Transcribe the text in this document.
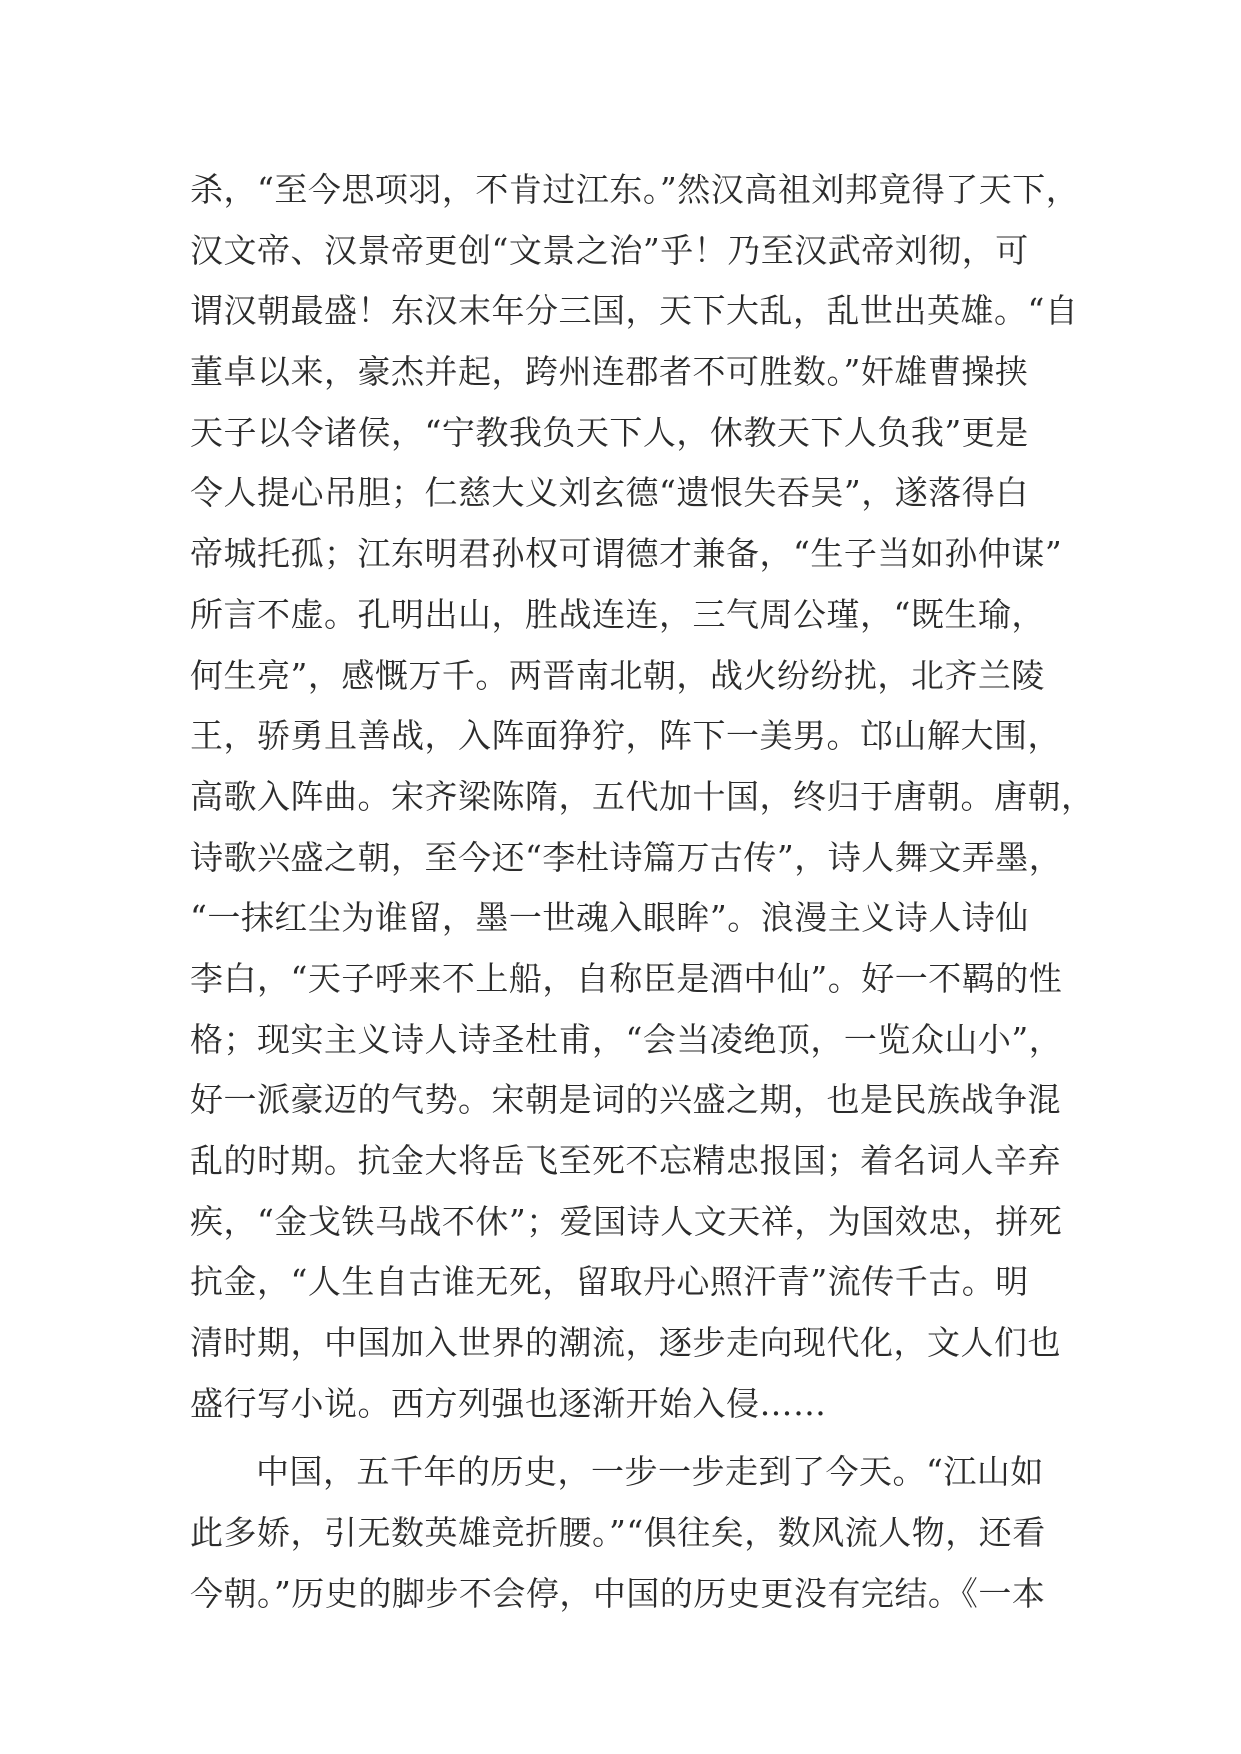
杀，“至今思项羽，不肯过江东。”然汉高祖刘邦竟得了天下，
汉文帝、汉景帝更创“文景之治”乎！乃至汉武帝刘彻，可
谓汉朝最盛！东汉末年分三国，天下大乱，乱世出英雄。“自
董卓以来，豪杰并起，跨州连郡者不可胜数。”奸雄曹操挟
天子以令诸侯，“宁教我负天下人，休教天下人负我”更是
令人提心吊胆；仁慈大义刘玄德“遗恨失吞吴”，遂落得白
帝城托孤；江东明君孙权可谓德才兼备，“生子当如孙仲谋”
所言不虚。孔明出山，胜战连连，三气周公瑾，“既生瑜，
何生亮”，感慨万千。两晋南北朝，战火纷纷扰，北齐兰陵
王，骄勇且善战，入阵面狰狞，阵下一美男。邙山解大围，
高歌入阵曲。宋齐梁陈隋，五代加十国，终归于唐朝。唐朝，
诗歌兴盛之朝，至今还“李杜诗篇万古传”，诗人舞文弄墨，
“一抹红尘为谁留，墨一世魂入眼眸”。浪漫主义诗人诗仙
李白，“天子呼来不上船，自称臣是酒中仙”。好一不羁的性
格；现实主义诗人诗圣杜甫，“会当凌绝顶，一览众山小”，
好一派豪迈的气势。宋朝是词的兴盛之期，也是民族战争混
乱的时期。抗金大将岳飞至死不忘精忠报国；着名词人辛弃
疾，“金戈铁马战不休”；爱国诗人文天祥，为国效忠，拼死
抗金，“人生自古谁无死，留取丹心照汗青”流传千古。明
清时期，中国加入世界的潮流，逐步走向现代化，文人们也
盛行写小说。西方列强也逐渐开始入侵……
中国，五千年的历史，一步一步走到了今天。“江山如
此多娇，引无数英雄竞折腰。”“俱往矣，数风流人物，还看
今朝。”历史的脚步不会停，中国的历史更没有完结。《一本
